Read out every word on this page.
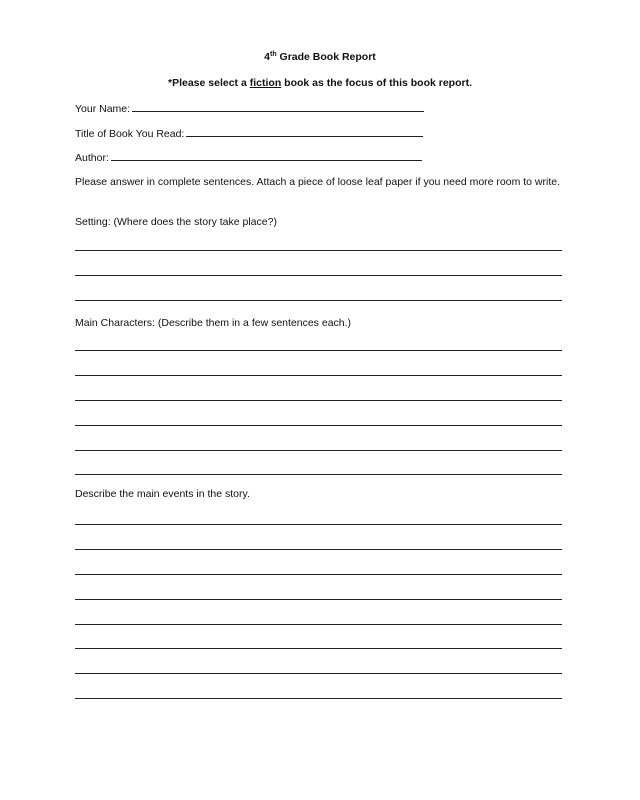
4th Grade Book Report
*Please select a fiction book as the focus of this book report.
Your Name:
Title of Book You Read:
Author:
Please answer in complete sentences. Attach a piece of loose leaf paper if you need more room to write.
Setting: (Where does the story take place?)
Main Characters: (Describe them in a few sentences each.)
Describe the main events in the story.
